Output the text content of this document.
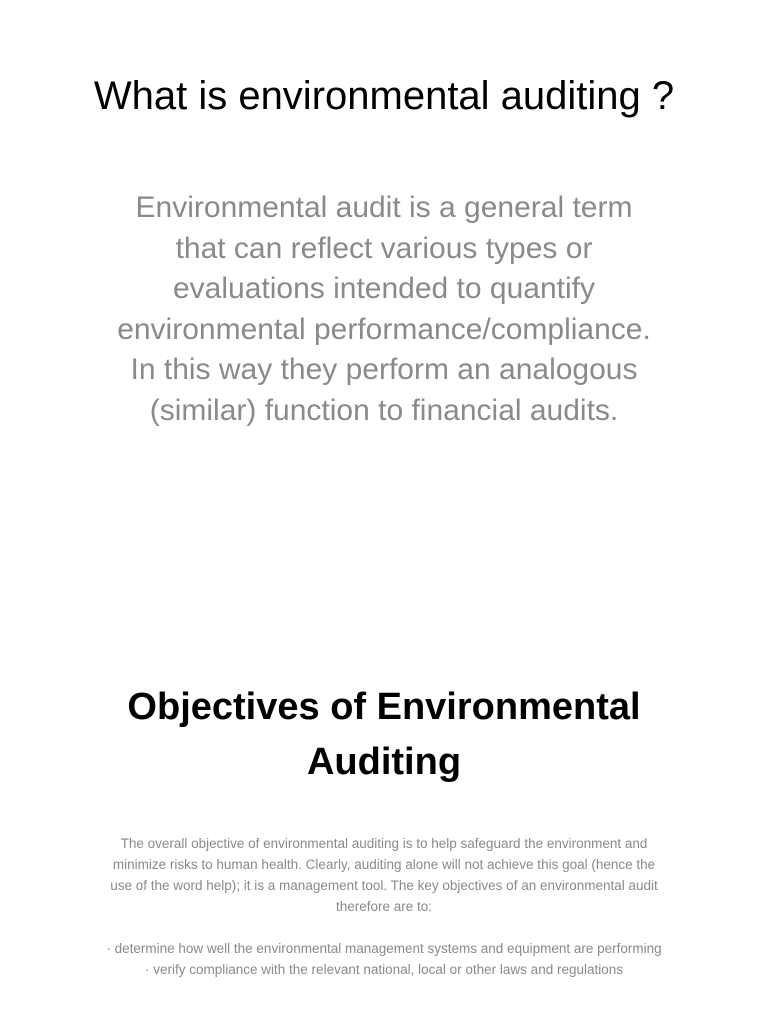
What is environmental auditing ?

Environmental audit is a general term that can reflect various types or evaluations intended to quantify environmental performance/compliance. In this way they perform an analogous (similar) function to financial audits.

Objectives of Environmental
Auditing

The overall objective of environmental auditing is to help safeguard the environment and minimize risks to human health. Clearly, auditing alone will not achieve this goal (hence the use of the word help); it is a management tool. The key objectives of an environmental audit therefore are to:

· determine how well the environmental management systems and equipment are performing

· verify compliance with the relevant national, local or other laws and regulations
